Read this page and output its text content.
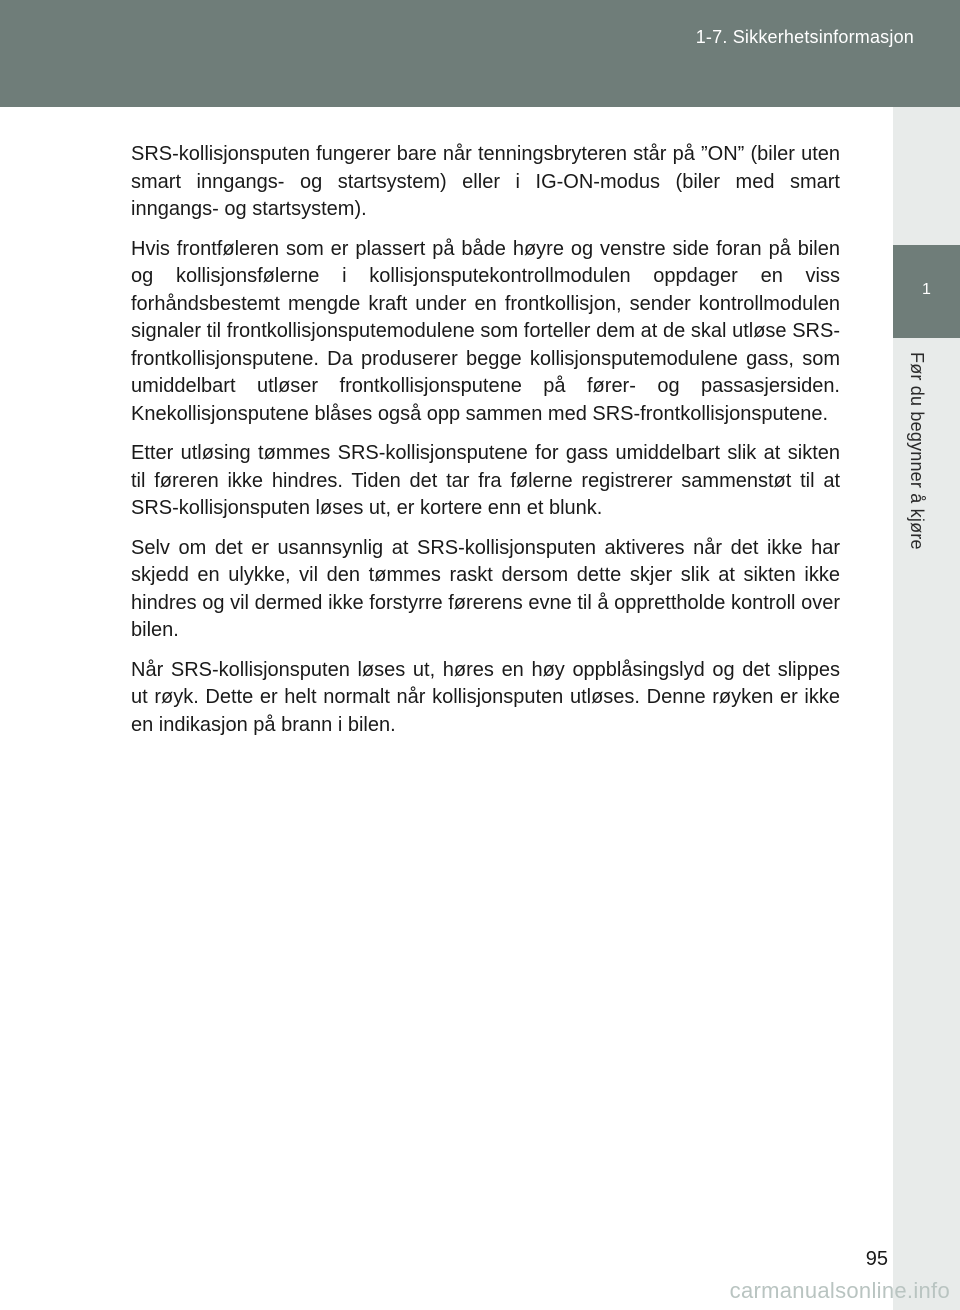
1-7. Sikkerhetsinformasjon
1
Før du begynner å kjøre

SRS-kollisjonsputen fungerer bare når tenningsbryteren står på ”ON” (biler uten smart inngangs- og startsystem) eller i IG-ON-modus (biler med smart inngangs- og startsystem).

Hvis frontføleren som er plassert på både høyre og venstre side foran på bilen og kollisjonsfølerne i kollisjonsputekontrollmodulen oppdager en viss forhåndsbestemt mengde kraft under en frontkollisjon, sender kontrollmodulen signaler til frontkollisjonsputemodulene som forteller dem at de skal utløse SRS-frontkollisjonsputene. Da produserer begge kollisjonsputemodulene gass, som umiddelbart utløser frontkollisjonsputene på fører- og passasjersiden. Knekollisjonsputene blåses også opp sammen med SRS-frontkollisjonsputene.

Etter utløsing tømmes SRS-kollisjonsputene for gass umiddelbart slik at sikten til føreren ikke hindres. Tiden det tar fra følerne registrerer sammenstøt til at SRS-kollisjonsputen løses ut, er kortere enn et blunk.

Selv om det er usannsynlig at SRS-kollisjonsputen aktiveres når det ikke har skjedd en ulykke, vil den tømmes raskt dersom dette skjer slik at sikten ikke hindres og vil dermed ikke forstyrre førerens evne til å opprettholde kontroll over bilen.

Når SRS-kollisjonsputen løses ut, høres en høy oppblåsingslyd og det slippes ut røyk. Dette er helt normalt når kollisjonsputen utløses. Denne røyken er ikke en indikasjon på brann i bilen.

95
carmanualsonline.info
